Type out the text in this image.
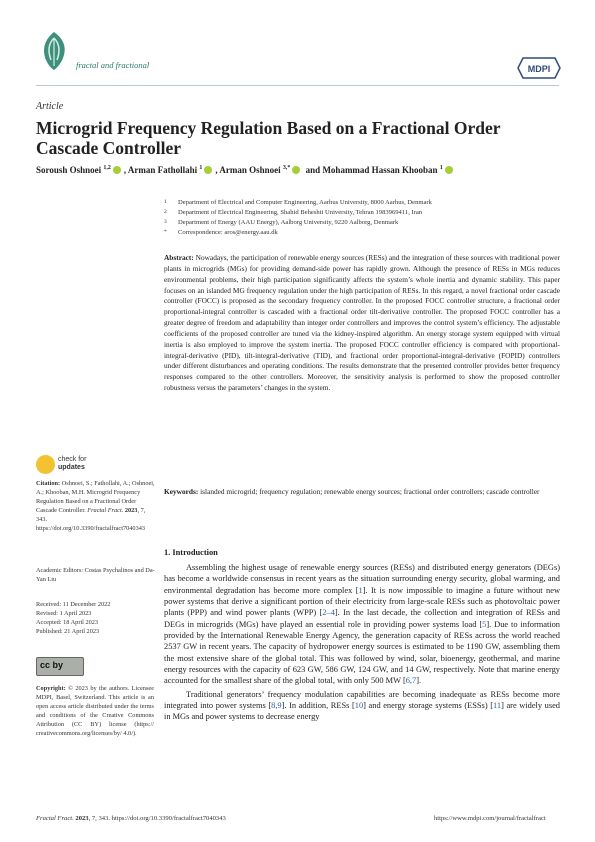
fractal and fractional	MDPI
Article
Microgrid Frequency Regulation Based on a Fractional Order Cascade Controller
Soroush Oshnoei $^{1,2}$ , Arman Fathollahi $^1$ , Arman Oshnoei $^{3,*}$ and Mohammad Hassan Khooban $^1$
1 Department of Electrical and Computer Engineering, Aarhus University, 8000 Aarhus, Denmark
2 Department of Electrical Engineering, Shahid Beheshti University, Tehran 1983969411, Iran
3 Department of Energy (AAU Energy), Aalborg University, 9220 Aalborg, Denmark
* Correspondence: aros@energy.aau.dk
Abstract: Nowadays, the participation of renewable energy sources (RESs) and the integration of these sources with traditional power plants in microgrids (MGs) for providing demand-side power has rapidly grown. Although the presence of RESs in MGs reduces environmental problems, their high participation significantly affects the system’s whole inertia and dynamic stability. This paper focuses on an islanded MG frequency regulation under the high participation of RESs. In this regard, a novel fractional order cascade controller (FOCC) is proposed as the secondary frequency controller. In the proposed FOCC controller structure, a fractional order proportional-integral controller is cascaded with a fractional order tilt-derivative controller. The proposed FOCC controller has a greater degree of freedom and adaptability than integer order controllers and improves the control system’s efficiency. The adjustable coefficients of the proposed controller are tuned via the kidney-inspired algorithm. An energy storage system equipped with virtual inertia is also employed to improve the system inertia. The proposed FOCC controller efficiency is compared with proportional-integral-derivative (PID), tilt-integral-derivative (TID), and fractional order proportional-integral-derivative (FOPID) controllers under different disturbances and operating conditions. The results demonstrate that the presented controller provides better frequency responses compared to the other controllers. Moreover, the sensitivity analysis is performed to show the proposed controller robustness versus the parameters’ changes in the system.
Keywords: islanded microgrid; frequency regulation; renewable energy sources; fractional order controllers; cascade controller
check for
updates

Citation: Oshnoei, S.; Fathollahi, A.; Oshnoei, A.; Khooban, M.H. Microgrid Frequency Regulation Based on a Fractional Order Cascade Controller. Fractal Fract. 2023, 7, 343. https://doi.org/10.3390/fractalfract7040343

Academic Editors: Costas Psychalinos and Da-Yan Liu

Received: 11 December 2022

Revised: 1 April 2023

Accepted: 18 April 2023

Published: 21 April 2023

cc by
Copyright: © 2023 by the authors. Licensee MDPI, Basel, Switzerland. This article is an open access article distributed under the terms and conditions of the Creative Commons Attribution (CC BY) license (https:// creativecommons.org/licenses/by/ 4.0/).
1. Introduction

Assembling the highest usage of renewable energy sources (RESs) and distributed energy generators (DEGs) has become a worldwide consensus in recent years as the situation surrounding energy security, global warming, and environmental degradation has become more complex [1]. It is now impossible to imagine a future without new power systems that derive a significant portion of their electricity from large-scale RESs such as photovoltaic power plants (PPP) and wind power plants (WPP) [2–4]. In the last decade, the collection and integration of RESs and DEGs in microgrids (MGs) have played an essential role in providing power systems load [5]. Due to information provided by the International Renewable Energy Agency, the generation capacity of RESs across the world reached 2537 GW in recent years. The capacity of hydropower energy sources is estimated to be 1190 GW, assembling them the most extensive share of the global total. This was followed by wind, solar, bioenergy, geothermal, and marine energy resources with the capacity of 623 GW, 586 GW, 124 GW, and 14 GW, respectively. Note that marine energy accounted for the smallest share of the global total, with only 500 MW [6,7].

Traditional generators’ frequency modulation capabilities are becoming inadequate as RESs become more integrated into power systems [8,9]. In addition, RESs [10] and energy storage systems (ESSs) [11] are widely used in MGs and power systems to decrease energy

Fractal Fract. 2023, 7, 343. https://doi.org/10.3390/fractalfract7040343	https://www.mdpi.com/journal/fractalfract
